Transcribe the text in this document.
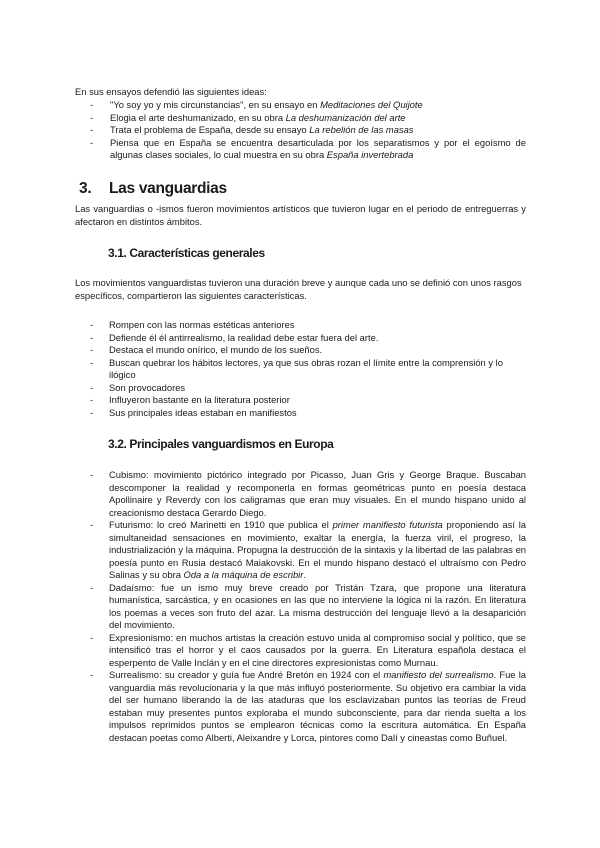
En sus ensayos defendió las siguientes ideas:

- "Yo soy yo y mis circunstancias", en su ensayo en Meditaciones del Quijote
- Elogia el arte deshumanizado, en su obra La deshumanización del arte
- Trata el problema de España, desde su ensayo La rebelión de las masas
- Piensa que en España se encuentra desarticulada por los separatismos y por el egoísmo de algunas clases sociales, lo cual muestra en su obra España invertebrada
3. Las vanguardias

Las vanguardias o -ismos fueron movimientos artísticos que tuvieron lugar en el periodo de entreguerras y afectaron en distintos ámbitos.

3.1. Características generales

Los movimientos vanguardistas tuvieron una duración breve y aunque cada uno se definió con unos rasgos específicos, compartieron las siguientes características.

- Rompen con las normas estéticas anteriores
- Defiende él él antirrealismo, la realidad debe estar fuera del arte.
- Destaca el mundo onírico, el mundo de los sueños.
- Buscan quebrar los hábitos lectores, ya que sus obras rozan el límite entre la comprensión y lo ilógico
- Son provocadores
- Influyeron bastante en la literatura posterior
- Sus principales ideas estaban en manifiestos
3.2. Principales vanguardismos en Europa
- Cubismo: movimiento pictórico integrado por Picasso, Juan Gris y George Braque. Buscaban descomponer la realidad y recomponerla en formas geométricas punto en poesía destaca Apollinaire y Reverdy con los caligramas que eran muy visuales. En el mundo hispano unido al creacionismo destaca Gerardo Diego.
- Futurismo: lo creó Marinetti en 1910 que publica el primer manifiesto futurista proponiendo así la simultaneidad sensaciones en movimiento, exaltar la energía, la fuerza viril, el progreso, la industrialización y la máquina. Propugna la destrucción de la sintaxis y la libertad de las palabras en poesía punto en Rusia destacó Maiakovski. En el mundo hispano destacó el ultraísmo con Pedro Salinas y su obra Oda a la máquina de escribir.
- Dadaísmo: fue un ismo muy breve creado por Tristán Tzara, que propone una literatura humanística, sarcástica, y en ocasiones en las que no interviene la lógica ni la razón. En literatura los poemas a veces son fruto del azar. La misma destrucción del lenguaje llevó a la desaparición del movimiento.
- Expresionismo: en muchos artistas la creación estuvo unida al compromiso social y político, que se intensificó tras el horror y el caos causados por la guerra. En Literatura española destaca el esperpento de Valle Inclán y en el cine directores expresionistas como Murnau.
- Surrealismo: su creador y guía fue André Bretón en 1924 con el manifiesto del surrealismo. Fue la vanguardia más revolucionaria y la que más influyó posteriormente. Su objetivo era cambiar la vida del ser humano liberando la de las ataduras que los esclavizaban puntos las teorías de Freud estaban muy presentes puntos exploraba el mundo subconsciente, para dar rienda suelta a los impulsos reprimidos puntos se emplearon técnicas como la escritura automática. En España destacan poetas como Alberti, Aleixandre y Lorca, pintores como Dalí y cineastas como Buñuel.
